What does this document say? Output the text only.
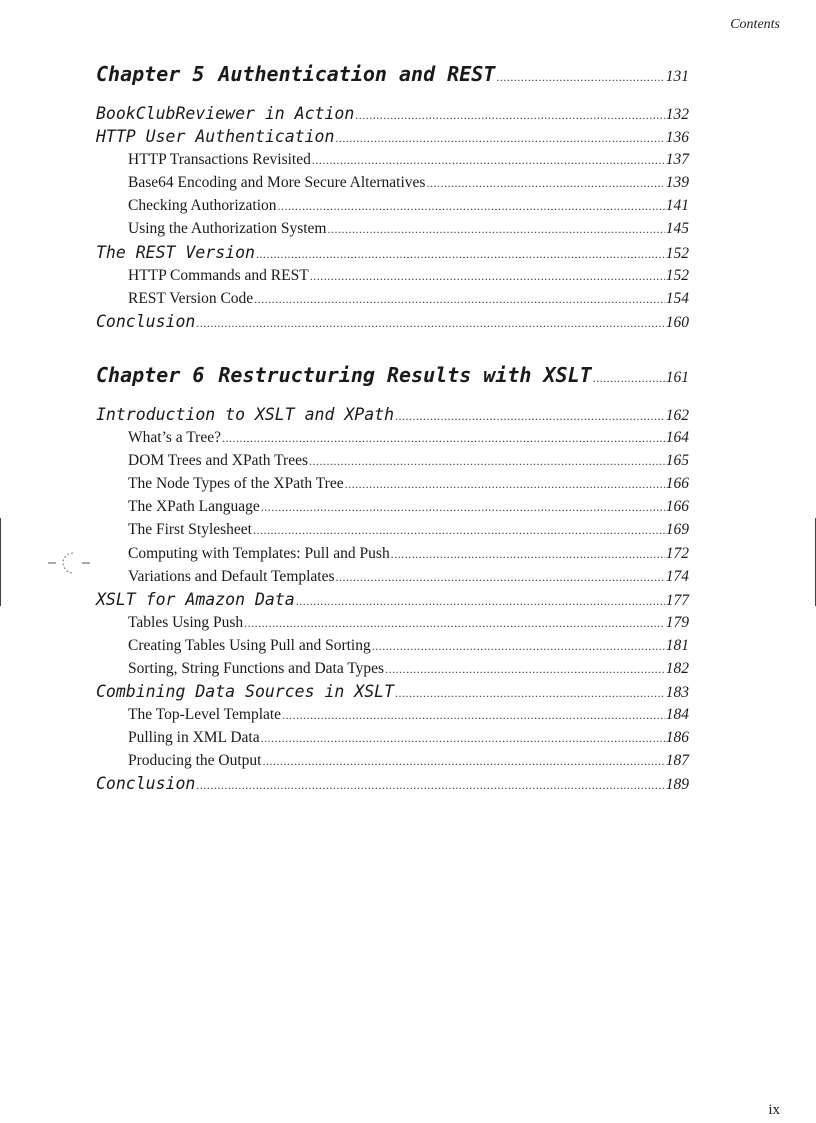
Contents
Chapter 5 Authentication and REST .....	131
BookClubReviewer in Action .....	132
HTTP User Authentication .....	136
HTTP Transactions Revisited .....	137
Base64 Encoding and More Secure Alternatives .....	139
Checking Authorization .....	141
Using the Authorization System .....	145
The REST Version .....	152
HTTP Commands and REST .....	152
REST Version Code .....	154
Conclusion .....	160
Chapter 6 Restructuring Results with XSLT .....	161
Introduction to XSLT and XPath .....	162
What’s a Tree? .....	164
DOM Trees and XPath Trees .....	165
The Node Types of the XPath Tree .....	166
The XPath Language .....	166
The First Stylesheet .....	169
Computing with Templates: Pull and Push .....	172
Variations and Default Templates .....	174
XSLT for Amazon Data .....	177
Tables Using Push .....	179
Creating Tables Using Pull and Sorting .....	181
Sorting, String Functions and Data Types .....	182
Combining Data Sources in XSLT .....	183
The Top-Level Template .....	184
Pulling in XML Data .....	186
Producing the Output .....	187
Conclusion .....	189
ix
